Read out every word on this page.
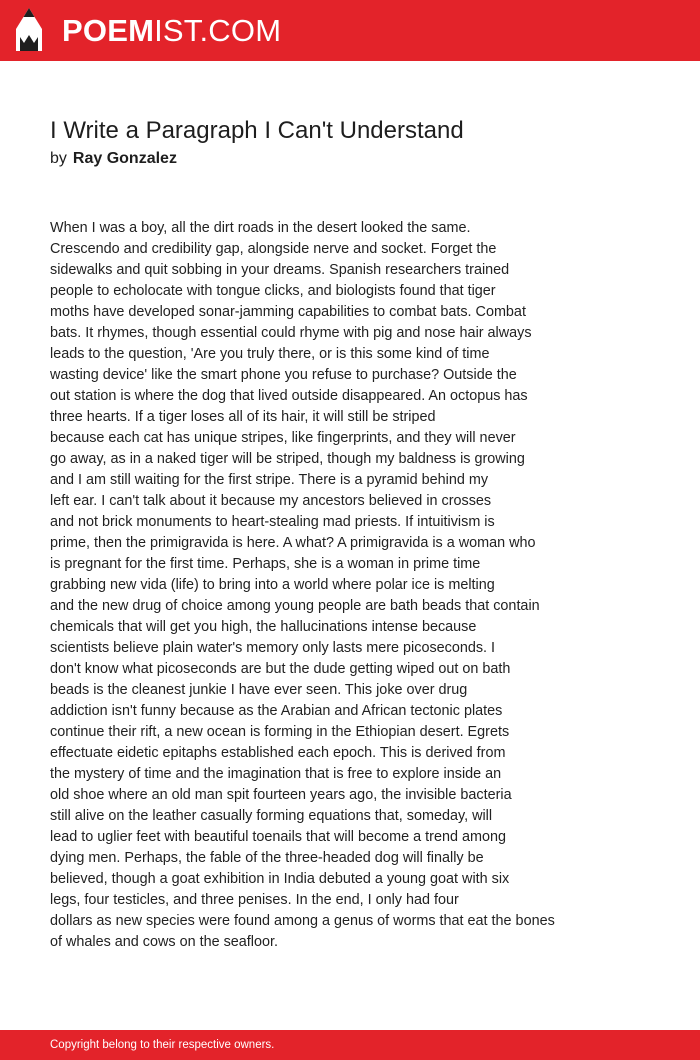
POEMIST.COM
I Write a Paragraph I Can't Understand
by Ray Gonzalez
When I was a boy, all the dirt roads in the desert looked the same.
Crescendo and credibility gap, alongside nerve and socket. Forget the
sidewalks and quit sobbing in your dreams. Spanish researchers trained
people to echolocate with tongue clicks, and biologists found that tiger
moths have developed sonar-jamming capabilities to combat bats. Combat
bats. It rhymes, though essential could rhyme with pig and nose hair always
leads to the question, 'Are you truly there, or is this some kind of time
wasting device' like the smart phone you refuse to purchase? Outside the
out station is where the dog that lived outside disappeared. An octopus has
three hearts. If a tiger loses all of its hair, it will still be striped
because each cat has unique stripes, like fingerprints, and they will never
go away, as in a naked tiger will be striped, though my baldness is growing
and I am still waiting for the first stripe. There is a pyramid behind my
left ear. I can't talk about it because my ancestors believed in crosses
and not brick monuments to heart-stealing mad priests. If intuitivism is
prime, then the primigravida is here. A what? A primigravida is a woman who
is pregnant for the first time. Perhaps, she is a woman in prime time
grabbing new vida (life) to bring into a world where polar ice is melting
and the new drug of choice among young people are bath beads that contain
chemicals that will get you high, the hallucinations intense because
scientists believe plain water's memory only lasts mere picoseconds. I
don't know what picoseconds are but the dude getting wiped out on bath
beads is the cleanest junkie I have ever seen. This joke over drug
addiction isn't funny because as the Arabian and African tectonic plates
continue their rift, a new ocean is forming in the Ethiopian desert. Egrets
effectuate eidetic epitaphs established each epoch. This is derived from
the mystery of time and the imagination that is free to explore inside an
old shoe where an old man spit fourteen years ago, the invisible bacteria
still alive on the leather casually forming equations that, someday, will
lead to uglier feet with beautiful toenails that will become a trend among
dying men. Perhaps, the fable of the three-headed dog will finally be
believed, though a goat exhibition in India debuted a young goat with six
legs, four testicles, and three penises. In the end, I only had four
dollars as new species were found among a genus of worms that eat the bones
of whales and cows on the seafloor.
Copyright belong to their respective owners.
